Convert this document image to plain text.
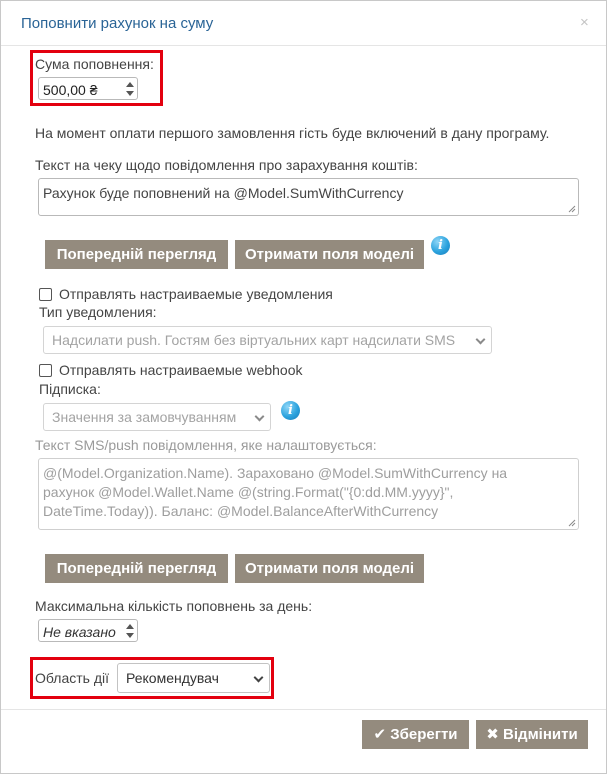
Поповнити рахунок на суму	×
Сума поповнення:
500,00 ₴
На момент оплати першого замовлення гість буде включений в дану програму.
Текст на чеку щодо повідомлення про зарахування коштів:
Рахунок буде поповнений на @Model.SumWithCurrency
Попередній перегляд	Отримати поля моделі
i
Отправлять настраиваемые уведомления
Тип уведомления:
Надсилати push. Гостям без віртуальних карт надсилати SMS
Отправлять настраиваемые webhook
Підписка:
Значення за замовчуванням	i
Текст SMS/push повідомлення, яке налаштовується:
@(Model.Organization.Name). Зараховано @Model.SumWithCurrency на
рахунок @Model.Wallet.Name @(string.Format("{0:dd.MM.yyyy}",
DateTime.Today)). Баланс: @Model.BalanceAfterWithCurrency
Попередній перегляд	Отримати поля моделі
Максимальна кількість поповнень за день:
Не вказано
Область дії Рекомендувач
✔ Зберегти	✖ Відмінити
